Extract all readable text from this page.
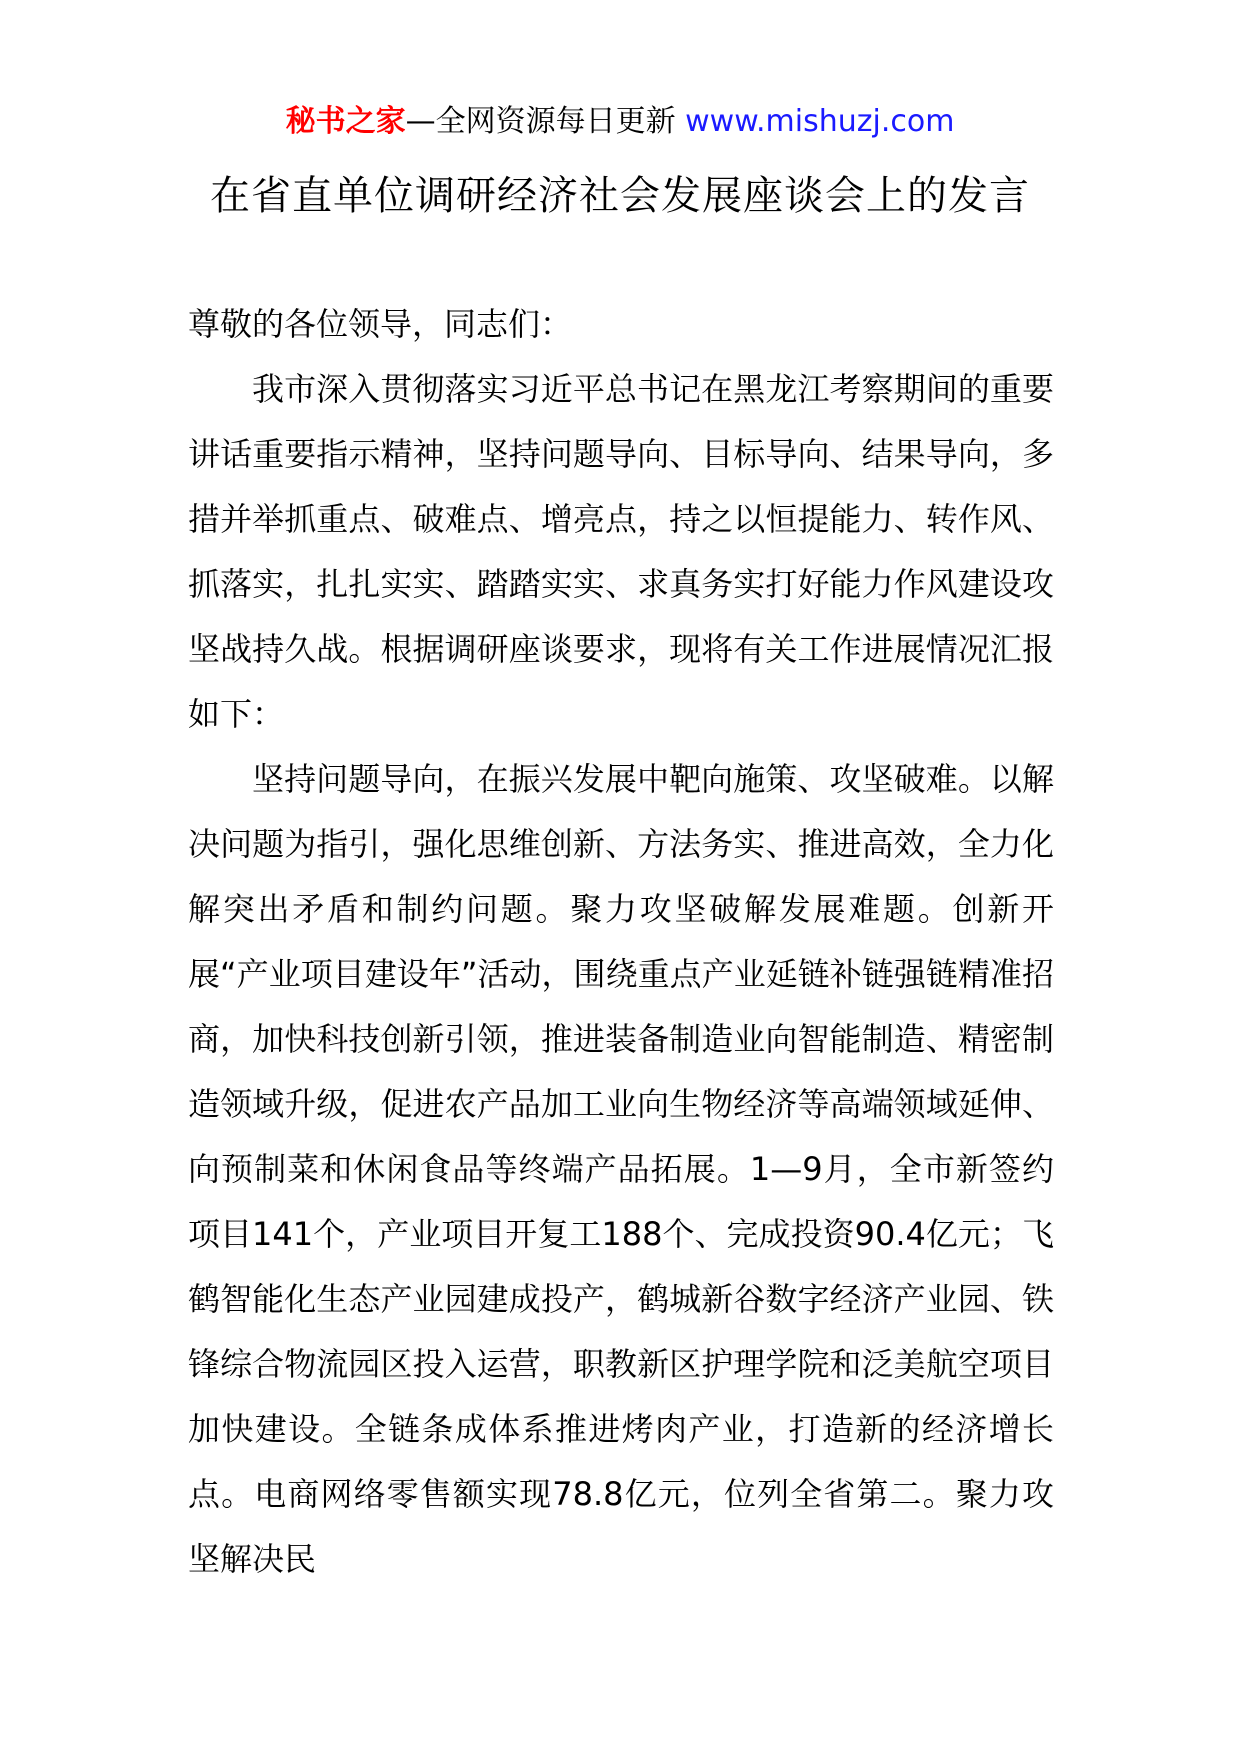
秘书之家—全网资源每日更新 www.mishuzj.com
在省直单位调研经济社会发展座谈会上的发言

尊敬的各位领导，同志们：

我市深入贯彻落实习近平总书记在黑龙江考察期间的重要讲话重要指示精神，坚持问题导向、目标导向、结果导向，多措并举抓重点、破难点、增亮点，持之以恒提能力、转作风、抓落实，扎扎实实、踏踏实实、求真务实打好能力作风建设攻坚战持久战。根据调研座谈要求，现将有关工作进展情况汇报如下：

坚持问题导向，在振兴发展中靶向施策、攻坚破难。以解决问题为指引，强化思维创新、方法务实、推进高效，全力化解突出矛盾和制约问题。聚力攻坚破解发展难题。创新开展“产业项目建设年”活动，围绕重点产业延链补链强链精准招商，加快科技创新引领，推进装备制造业向智能制造、精密制造领域升级，促进农产品加工业向生物经济等高端领域延伸、向预制菜和休闲食品等终端产品拓展。1—9月，全市新签约项目141个，产业项目开复工188个、完成投资90.4亿元；飞鹤智能化生态产业园建成投产，鹤城新谷数字经济产业园、铁锋综合物流园区投入运营，职教新区护理学院和泛美航空项目加快建设。全链条成体系推进烤肉产业，打造新的经济增长点。电商网络零售额实现78.8亿元，位列全省第二。聚力攻坚解决民
